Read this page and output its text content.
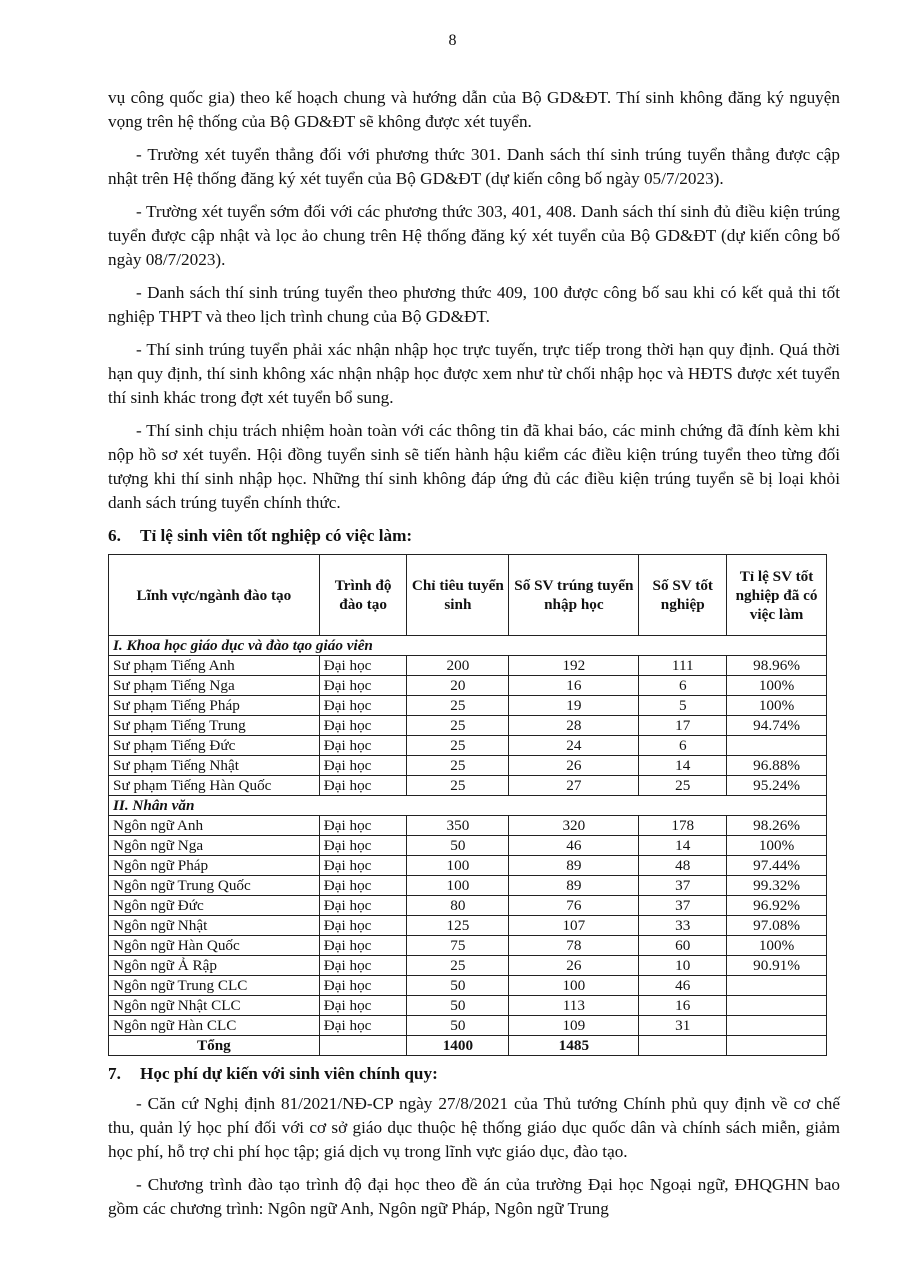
8

vụ công quốc gia) theo kế hoạch chung và hướng dẫn của Bộ GD&ĐT. Thí sinh không đăng ký nguyện vọng trên hệ thống của Bộ GD&ĐT sẽ không được xét tuyển.

- Trường xét tuyển thẳng đối với phương thức 301. Danh sách thí sinh trúng tuyển thẳng được cập nhật trên Hệ thống đăng ký xét tuyển của Bộ GD&ĐT (dự kiến công bố ngày 05/7/2023).

- Trường xét tuyển sớm đối với các phương thức 303, 401, 408. Danh sách thí sinh đủ điều kiện trúng tuyển được cập nhật và lọc ảo chung trên Hệ thống đăng ký xét tuyển của Bộ GD&ĐT (dự kiến công bố ngày 08/7/2023).

- Danh sách thí sinh trúng tuyển theo phương thức 409, 100 được công bố sau khi có kết quả thi tốt nghiệp THPT và theo lịch trình chung của Bộ GD&ĐT.

- Thí sinh trúng tuyển phải xác nhận nhập học trực tuyến, trực tiếp trong thời hạn quy định. Quá thời hạn quy định, thí sinh không xác nhận nhập học được xem như từ chối nhập học và HĐTS được xét tuyển thí sinh khác trong đợt xét tuyển bổ sung.

- Thí sinh chịu trách nhiệm hoàn toàn với các thông tin đã khai báo, các minh chứng đã đính kèm khi nộp hồ sơ xét tuyển. Hội đồng tuyển sinh sẽ tiến hành hậu kiểm các điều kiện trúng tuyển theo từng đối tượng khi thí sinh nhập học. Những thí sinh không đáp ứng đủ các điều kiện trúng tuyển sẽ bị loại khỏi danh sách trúng tuyển chính thức.

6. Tỉ lệ sinh viên tốt nghiệp có việc làm:
Lĩnh vực/ngành đào tạo	Trình độ đào tạo	Chỉ tiêu tuyển sinh	Số SV trúng tuyển nhập học	Số SV tốt nghiệp	Tỉ lệ SV tốt nghiệp đã có việc làm
I. Khoa học giáo dục và đào tạo giáo viên					
Sư phạm Tiếng Anh	Đại học	200	192	111	98.96%
Sư phạm Tiếng Nga	Đại học	20	16	6	100%
Sư phạm Tiếng Pháp	Đại học	25	19	5	100%
Sư phạm Tiếng Trung	Đại học	25	28	17	94.74%
Sư phạm Tiếng Đức	Đại học	25	24	6	
Sư phạm Tiếng Nhật	Đại học	25	26	14	96.88%
Sư phạm Tiếng Hàn Quốc	Đại học	25	27	25	95.24%
II. Nhân văn					
Ngôn ngữ Anh	Đại học	350	320	178	98.26%
Ngôn ngữ Nga	Đại học	50	46	14	100%
Ngôn ngữ Pháp	Đại học	100	89	48	97.44%
Ngôn ngữ Trung Quốc	Đại học	100	89	37	99.32%
Ngôn ngữ Đức	Đại học	80	76	37	96.92%
Ngôn ngữ Nhật	Đại học	125	107	33	97.08%
Ngôn ngữ Hàn Quốc	Đại học	75	78	60	100%
Ngôn ngữ Ả Rập	Đại học	25	26	10	90.91%
Ngôn ngữ Trung CLC	Đại học	50	100	46	
Ngôn ngữ Nhật CLC	Đại học	50	113	16	
Ngôn ngữ Hàn CLC	Đại học	50	109	31	
Tổng		1400	1485		
7. Học phí dự kiến với sinh viên chính quy:

- Căn cứ Nghị định 81/2021/NĐ-CP ngày 27/8/2021 của Thủ tướng Chính phủ quy định về cơ chế thu, quản lý học phí đối với cơ sở giáo dục thuộc hệ thống giáo dục quốc dân và chính sách miễn, giảm học phí, hỗ trợ chi phí học tập; giá dịch vụ trong lĩnh vực giáo dục, đào tạo.

- Chương trình đào tạo trình độ đại học theo đề án của trường Đại học Ngoại ngữ, ĐHQGHN bao gồm các chương trình: Ngôn ngữ Anh, Ngôn ngữ Pháp, Ngôn ngữ Trung
